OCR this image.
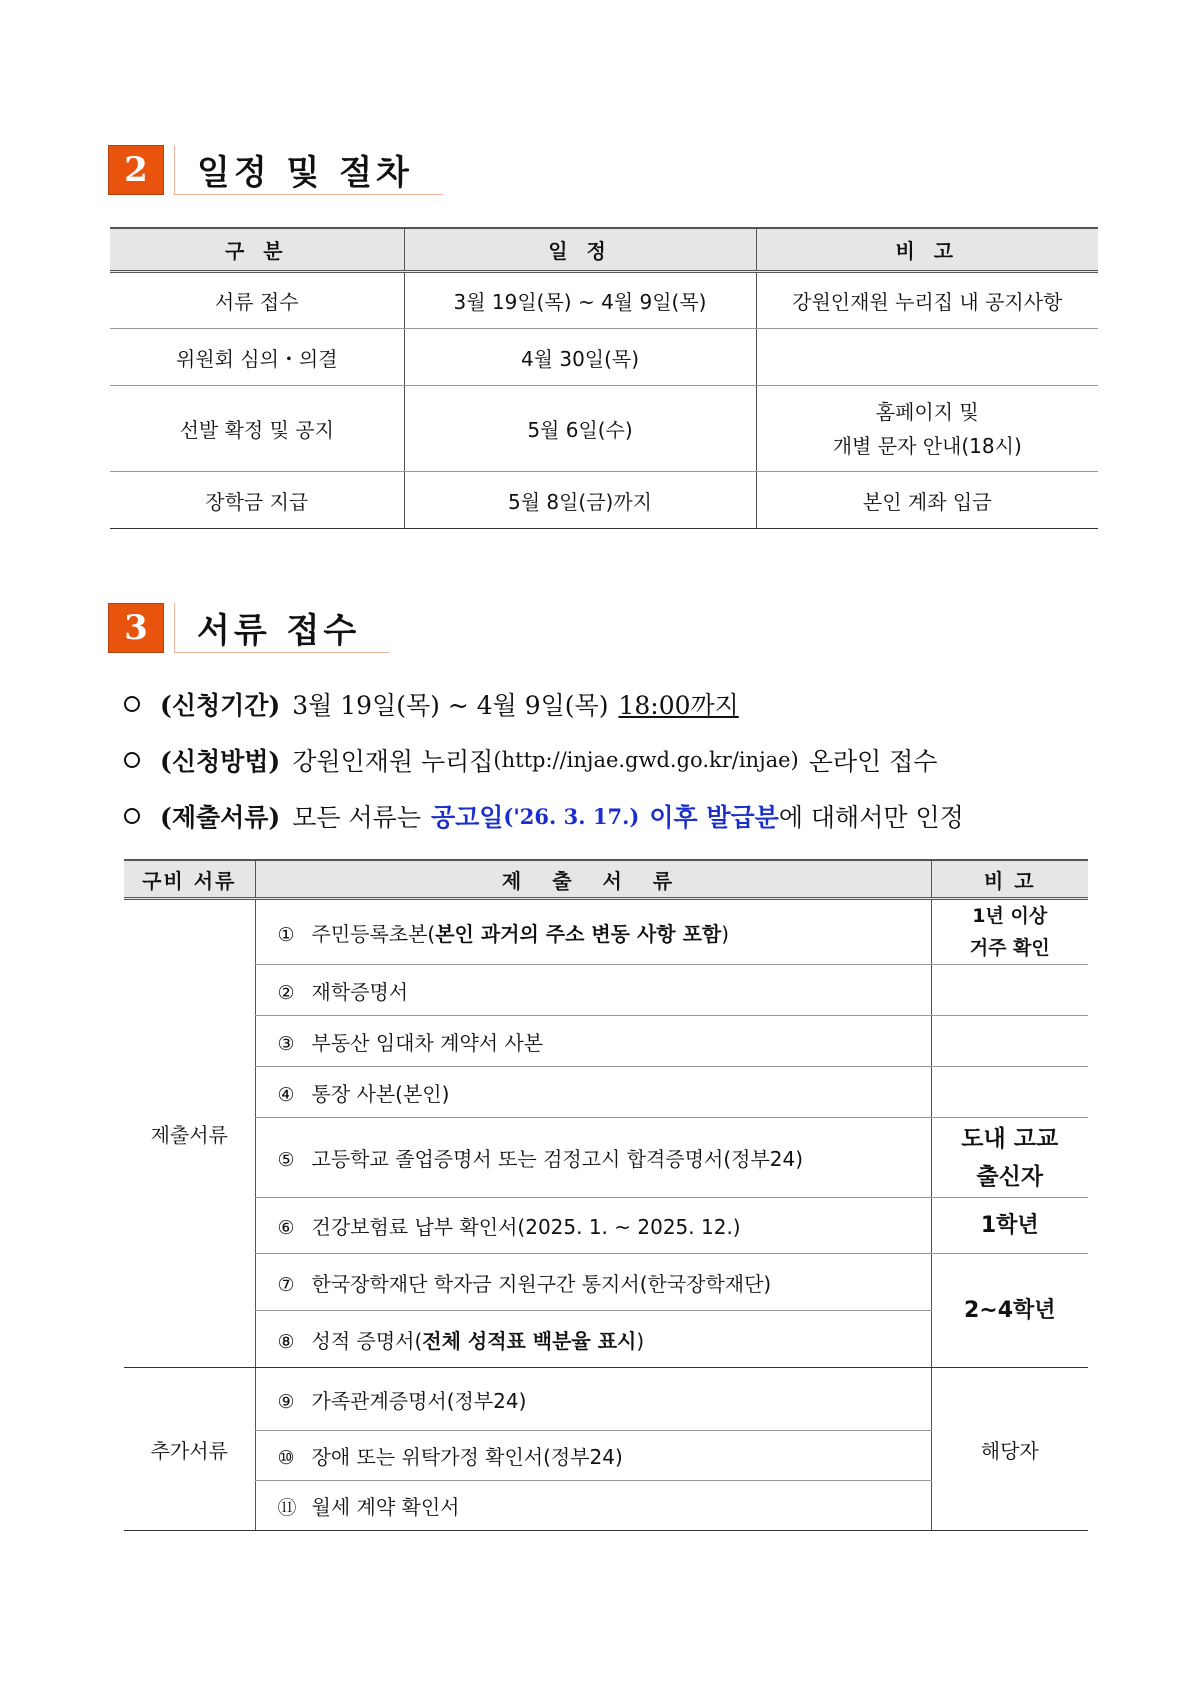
2	일정 및 절차
구 분	일 정	비 고
서류 접수	3월 19일(목) ~ 4월 9일(목)	강원인재원 누리집 내 공지사항
위원회 심의・의결	4월 30일(목)	
선발 확정 및 공지	5월 6일(수)	홈페이지 및
개별 문자 안내(18시)

장학금 지급	5월 8일(금)까지	본인 계좌 입금
3	서류 접수
(신청기간) 3월 19일(목) ~ 4월 9일(목) 18:00까지
(신청방법) 강원인재원 누리집 (http://injae.gwd.go.kr/injae) 온라인 접수
(제출서류) 모든 서류는 공고일 ('26. 3. 17.) 이후 발급분 에 대해서만 인정
구비 서류	제 출 서 류	비 고
제출서류	① 주민등록초본(본인 과거의 주소 변동 사항 포함)	1년 이상
거주 확인

	② 재학증명서	
	③ 부동산 임대차 계약서 사본	
	④ 통장 사본(본인)	
	⑤ 고등학교 졸업증명서 또는 검정고시 합격증명서(정부24)	도내 고교
출신자

	⑥ 건강보험료 납부 확인서(2025. 1. ~ 2025. 12.)	1학년
	⑦ 한국장학재단 학자금 지원구간 통지서(한국장학재단)	2~4학년
	⑧ 성적 증명서(전체 성적표 백분율 표시)	
추가서류	⑨ 가족관계증명서(정부24)	해당자
	⑩ 장애 또는 위탁가정 확인서(정부24)	
	⑪ 월세 계약 확인서	
